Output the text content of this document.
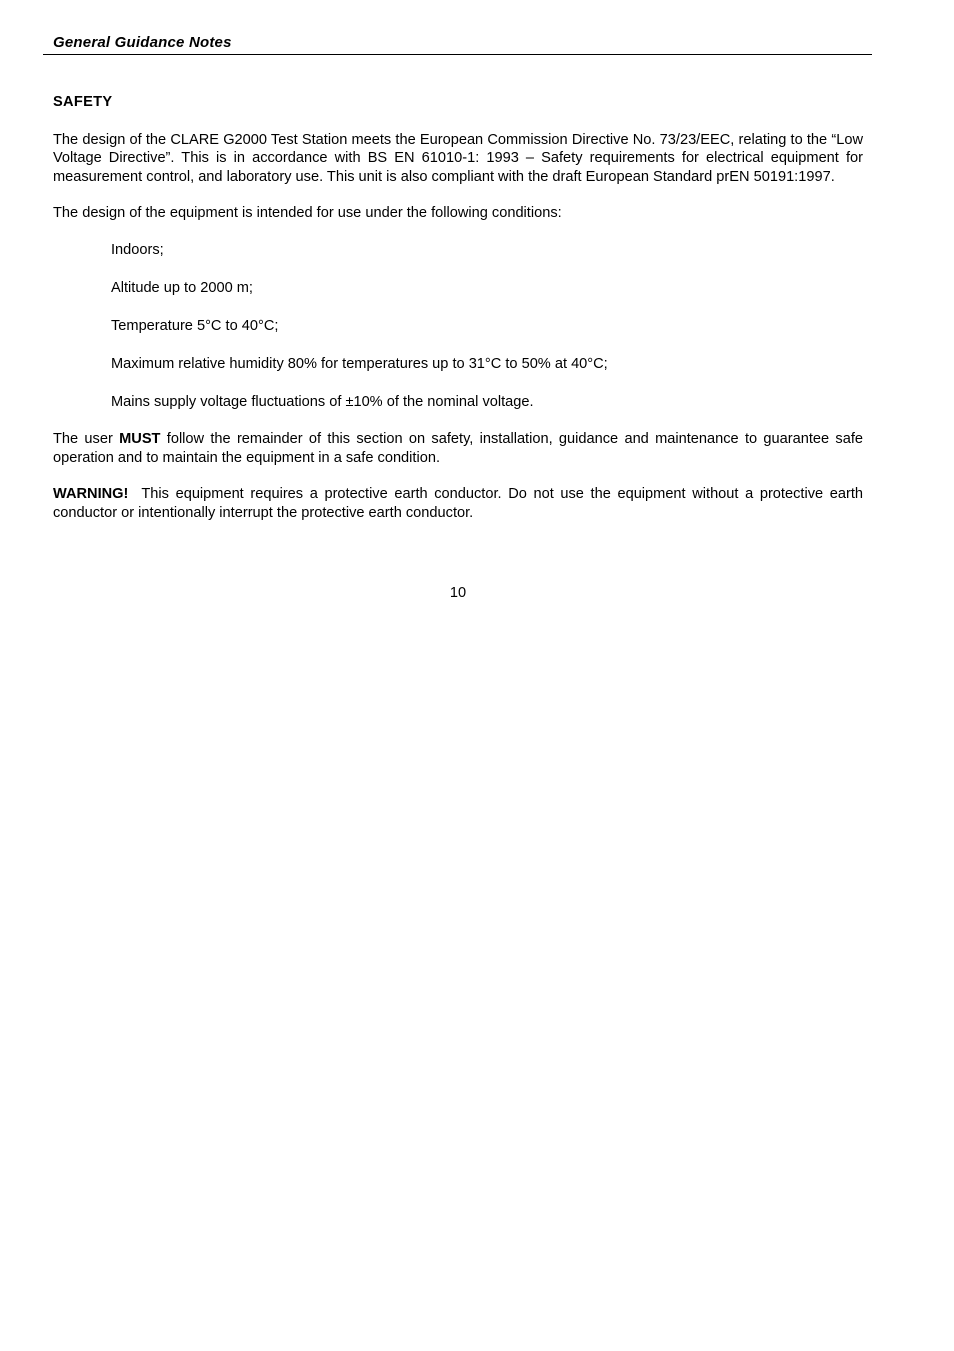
General Guidance Notes
SAFETY

The design of the CLARE G2000 Test Station meets the European Commission Directive No. 73/23/EEC, relating to the “Low Voltage Directive”. This is in accordance with BS EN 61010-1: 1993 – Safety requirements for electrical equipment for measurement control, and laboratory use. This unit is also compliant with the draft European Standard prEN 50191:1997.

The design of the equipment is intended for use under the following conditions:

Indoors;
Altitude up to 2000 m;
Temperature 5°C to 40°C;
Maximum relative humidity 80% for temperatures up to 31°C to 50% at 40°C;
Mains supply voltage fluctuations of ±10% of the nominal voltage.

The user MUST follow the remainder of this section on safety, installation, guidance and maintenance to guarantee safe operation and to maintain the equipment in a safe condition.

WARNING!  This equipment requires a protective earth conductor. Do not use the equipment without a protective earth conductor or intentionally interrupt the protective earth conductor.

10
